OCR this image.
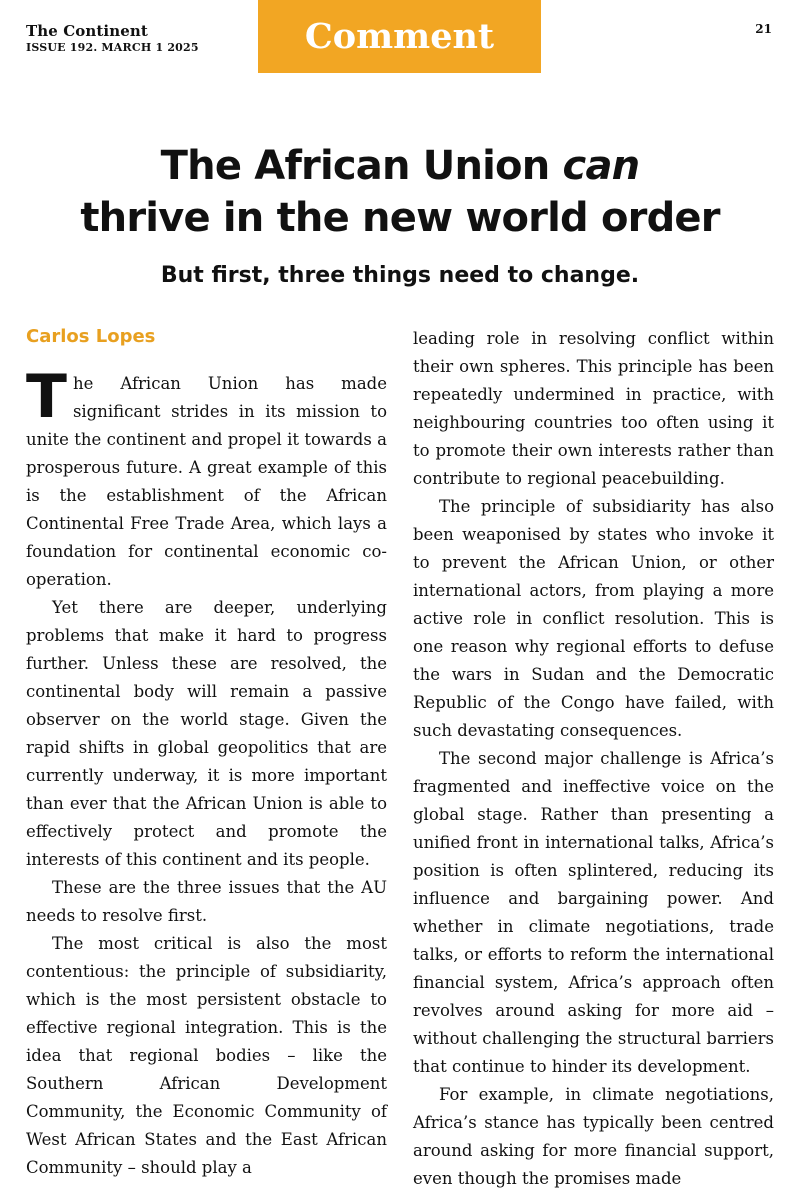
The Continent
ISSUE 192. MARCH 1 2025	Comment	21
The African Union can
thrive in the new world order
But first, three things need to change.
Carlos Lopes

The African Union has made significant strides in its mission to unite the continent and propel it towards a prosperous future. A great example of this is the establishment of the African Continental Free Trade Area, which lays a foundation for continental economic co-operation.

Yet there are deeper, underlying problems that make it hard to progress further. Unless these are resolved, the continental body will remain a passive observer on the world stage. Given the rapid shifts in global geopolitics that are currently underway, it is more important than ever that the African Union is able to effectively protect and promote the interests of this continent and its people.

These are the three issues that the AU needs to resolve first.

The most critical is also the most contentious: the principle of subsidiarity, which is the most persistent obstacle to effective regional integration. This is the idea that regional bodies – like the Southern African Development Community, the Economic Community of West African States and the East African Community – should play a

leading role in resolving conflict within their own spheres. This principle has been repeatedly undermined in practice, with neighbouring countries too often using it to promote their own interests rather than contribute to regional peacebuilding.

The principle of subsidiarity has also been weaponised by states who invoke it to prevent the African Union, or other international actors, from playing a more active role in conflict resolution. This is one reason why regional efforts to defuse the wars in Sudan and the Democratic Republic of the Congo have failed, with such devastating consequences.

The second major challenge is Africa’s fragmented and ineffective voice on the global stage. Rather than presenting a unified front in international talks, Africa’s position is often splintered, reducing its influence and bargaining power. And whether in climate negotiations, trade talks, or efforts to reform the international financial system, Africa’s approach often revolves around asking for more aid – without challenging the structural barriers that continue to hinder its development.

For example, in climate negotiations, Africa’s stance has typically been centred around asking for more financial support, even though the promises made
